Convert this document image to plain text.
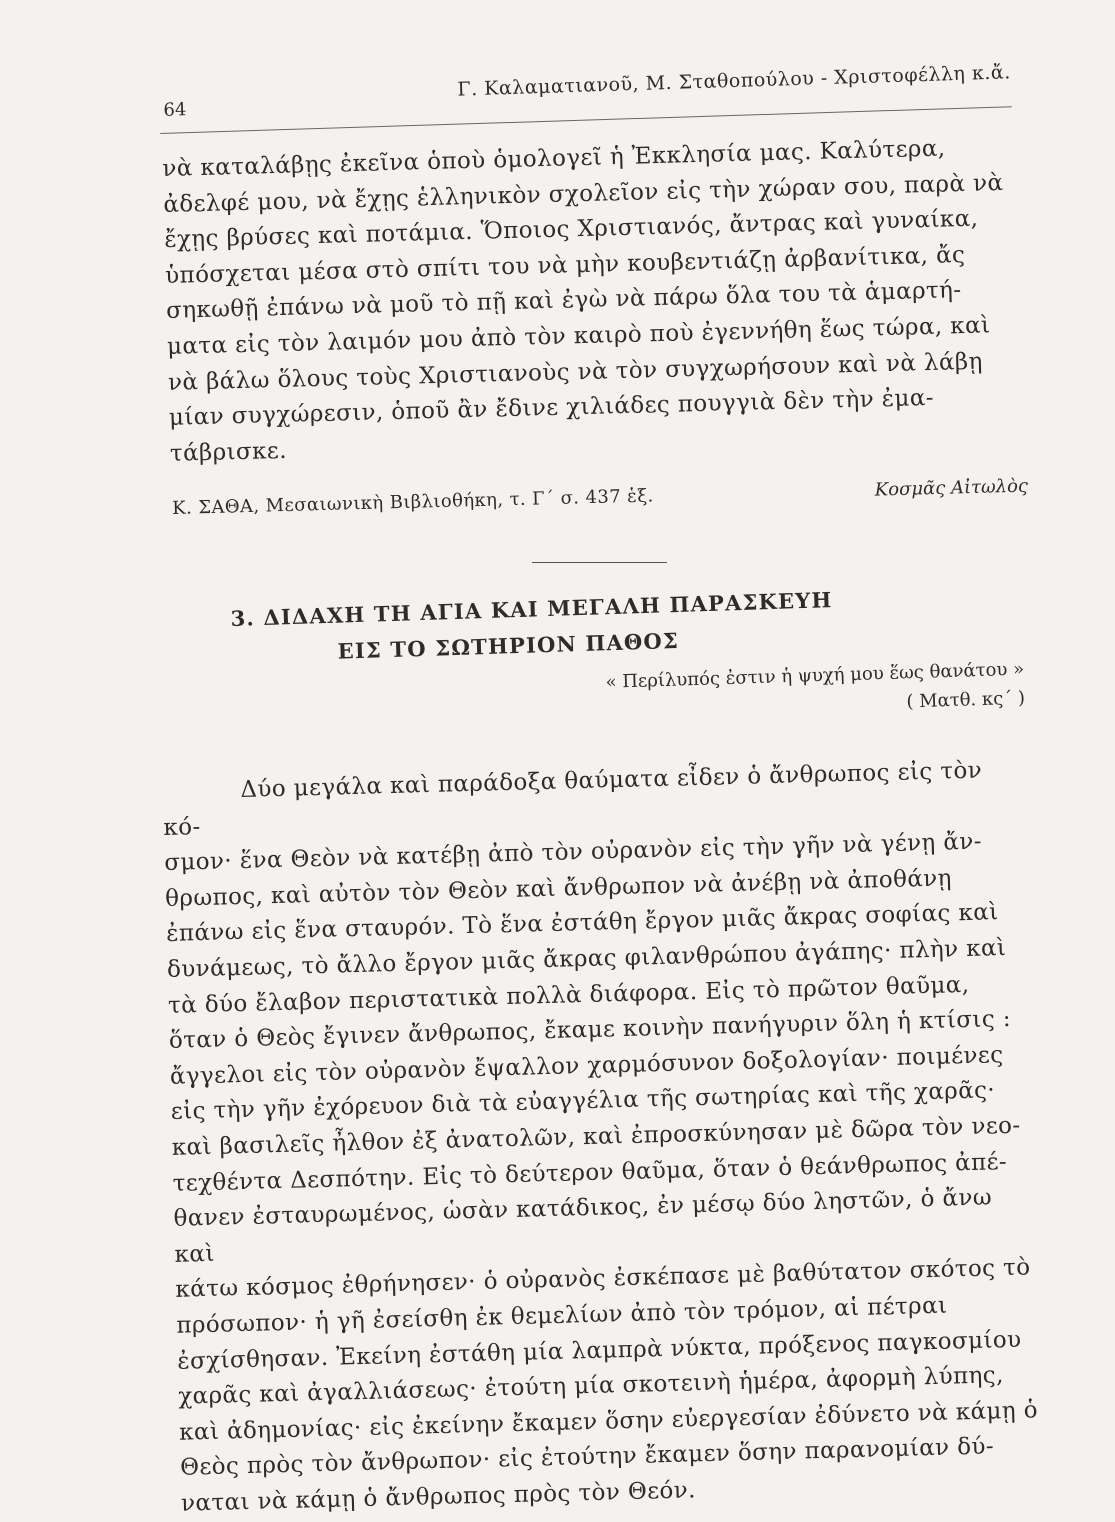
64
Γ. Καλαματιανοῦ, Μ. Σταθοπούλου - Χριστοφέλλη κ.ἄ.

νὰ καταλάβῃς ἐκεῖνα ὁποὺ ὁμολογεῖ ἡ Ἐκκλησία μας. Καλύτερα,
ἀδελφέ μου, νὰ ἔχῃς ἑλληνικὸν σχολεῖον εἰς τὴν χώραν σου, παρὰ νὰ
ἔχῃς βρύσες καὶ ποτάμια. Ὅποιος Χριστιανός, ἄντρας καὶ γυναίκα,
ὑπόσχεται μέσα στὸ σπίτι του νὰ μὴν κουβεντιάζῃ ἀρβανίτικα, ἄς
σηκωθῇ ἐπάνω νὰ μοῦ τὸ πῇ καὶ ἐγὼ νὰ πάρω ὅλα του τὰ ἁμαρτή-
ματα εἰς τὸν λαιμόν μου ἀπὸ τὸν καιρὸ ποὺ ἐγεννήθη ἕως τώρα, καὶ
νὰ βάλω ὅλους τοὺς Χριστιανοὺς νὰ τὸν συγχωρήσουν καὶ νὰ λάβῃ
μίαν συγχώρεσιν, ὁποῦ ἂν ἔδινε χιλιάδες πουγγιὰ δὲν τὴν ἐμα-
τάβρισκε.

Κ. ΣΑΘΑ, Μεσαιωνικὴ Βιβλιοθήκη, τ. Γ´ σ. 437 ἑξ.	Κοσμᾶς Αἰτωλὸς
3. ΔΙΔΑΧΗ ΤΗ ΑΓΙΑ ΚΑΙ ΜΕΓΑΛΗ ΠΑΡΑΣΚΕΥΗ
ΕΙΣ ΤΟ ΣΩΤΗΡΙΟΝ ΠΑΘΟΣ
« Περίλυπός ἐστιν ἡ ψυχή μου ἕως θανάτου »
( Ματθ. κς´ )

Δύο μεγάλα καὶ παράδοξα θαύματα εἶδεν ὁ ἄνθρωπος εἰς τὸν κό-
σμον· ἕνα Θεὸν νὰ κατέβῃ ἀπὸ τὸν οὐρανὸν εἰς τὴν γῆν νὰ γένῃ ἄν-
θρωπος, καὶ αὐτὸν τὸν Θεὸν καὶ ἄνθρωπον νὰ ἀνέβῃ νὰ ἀποθάνῃ
ἐπάνω εἰς ἕνα σταυρόν. Τὸ ἕνα ἐστάθη ἔργον μιᾶς ἄκρας σοφίας καὶ
δυνάμεως, τὸ ἄλλο ἔργον μιᾶς ἄκρας φιλανθρώπου ἀγάπης· πλὴν καὶ
τὰ δύο ἔλαβον περιστατικὰ πολλὰ διάφορα. Εἰς τὸ πρῶτον θαῦμα,
ὅταν ὁ Θεὸς ἔγινεν ἄνθρωπος, ἔκαμε κοινὴν πανήγυριν ὅλη ἡ κτίσις :
ἄγγελοι εἰς τὸν οὐρανὸν ἔψαλλον χαρμόσυνον δοξολογίαν· ποιμένες
εἰς τὴν γῆν ἐχόρευον διὰ τὰ εὐαγγέλια τῆς σωτηρίας καὶ τῆς χαρᾶς·
καὶ βασιλεῖς ἦλθον ἐξ ἀνατολῶν, καὶ ἐπροσκύνησαν μὲ δῶρα τὸν νεο-
τεχθέντα Δεσπότην. Εἰς τὸ δεύτερον θαῦμα, ὅταν ὁ θεάνθρωπος ἀπέ-
θανεν ἐσταυρωμένος, ὡσὰν κατάδικος, ἐν μέσῳ δύο ληστῶν, ὁ ἄνω καὶ
κάτω κόσμος ἐθρήνησεν· ὁ οὐρανὸς ἐσκέπασε μὲ βαθύτατον σκότος τὸ
πρόσωπον· ἡ γῆ ἐσείσθη ἐκ θεμελίων ἀπὸ τὸν τρόμον, αἱ πέτραι
ἐσχίσθησαν. Ἐκείνη ἐστάθη μία λαμπρὰ νύκτα, πρόξενος παγκοσμίου
χαρᾶς καὶ ἀγαλλιάσεως· ἐτούτη μία σκοτεινὴ ἡμέρα, ἀφορμὴ λύπης,
καὶ ἀδημονίας· εἰς ἐκείνην ἔκαμεν ὅσην εὐεργεσίαν ἐδύνετο νὰ κάμῃ ὁ
Θεὸς πρὸς τὸν ἄνθρωπον· εἰς ἐτούτην ἔκαμεν ὅσην παρανομίαν δύ-
ναται νὰ κάμῃ ὁ ἄνθρωπος πρὸς τὸν Θεόν.
